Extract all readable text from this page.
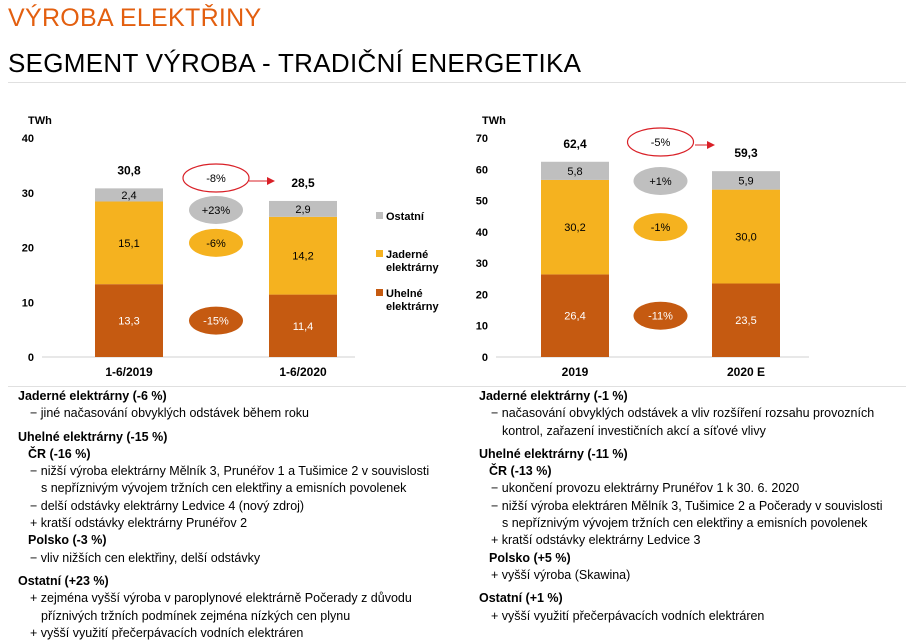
VÝROBA ELEKTŘINY
SEGMENT VÝROBA - TRADIČNÍ ENERGETIKA
TWh
0
10
20
30
40
13,3
15,1
2,4
30,8
1-6/2019
11,4
14,2
2,9
28,5
1-6/2020
-15%
-6%
+23%
-8%
Ostatní
Jaderné
elektrárny
Uhelné
elektrárny
TWh
0
10
20
30
40
50
60
70
26,4
30,2
5,8
62,4
2019
23,5
30,0
5,9
59,3
2020 E
-11%
-1%
+1%
-5%
Jaderné elektrárny (-6 %)
− jiné načasování obvyklých odstávek během roku
Uhelné elektrárny (-15 %)
ČR (-16 %)
− nižší výroba elektrárny Mělník 3, Prunéřov 1 a Tušimice 2 v souvislosti
s nepříznivým vývojem tržních cen elektřiny a emisních povolenek
− delší odstávky elektrárny Ledvice 4 (nový zdroj)
+ kratší odstávky elektrárny Prunéřov 2
Polsko (-3 %)
− vliv nižších cen elektřiny, delší odstávky
Ostatní (+23 %)
+ zejména vyšší výroba v paroplynové elektrárně Počerady z důvodu
příznivých tržních podmínek zejména nízkých cen plynu
+ vyšší využití přečerpávacích vodních elektráren
Jaderné elektrárny (-1 %)
− načasování obvyklých odstávek a vliv rozšíření rozsahu provozních
kontrol, zařazení investičních akcí a síťové vlivy
Uhelné elektrárny (-11 %)
ČR (-13 %)
− ukončení provozu elektrárny Prunéřov 1 k 30. 6. 2020
− nižší výroba elektráren Mělník 3, Tušimice 2 a Počerady v souvislosti
s nepříznivým vývojem tržních cen elektřiny a emisních povolenek
+ kratší odstávky elektrárny Ledvice 3
Polsko (+5 %)
+ vyšší výroba (Skawina)
Ostatní (+1 %)
+ vyšší využití přečerpávacích vodních elektráren
